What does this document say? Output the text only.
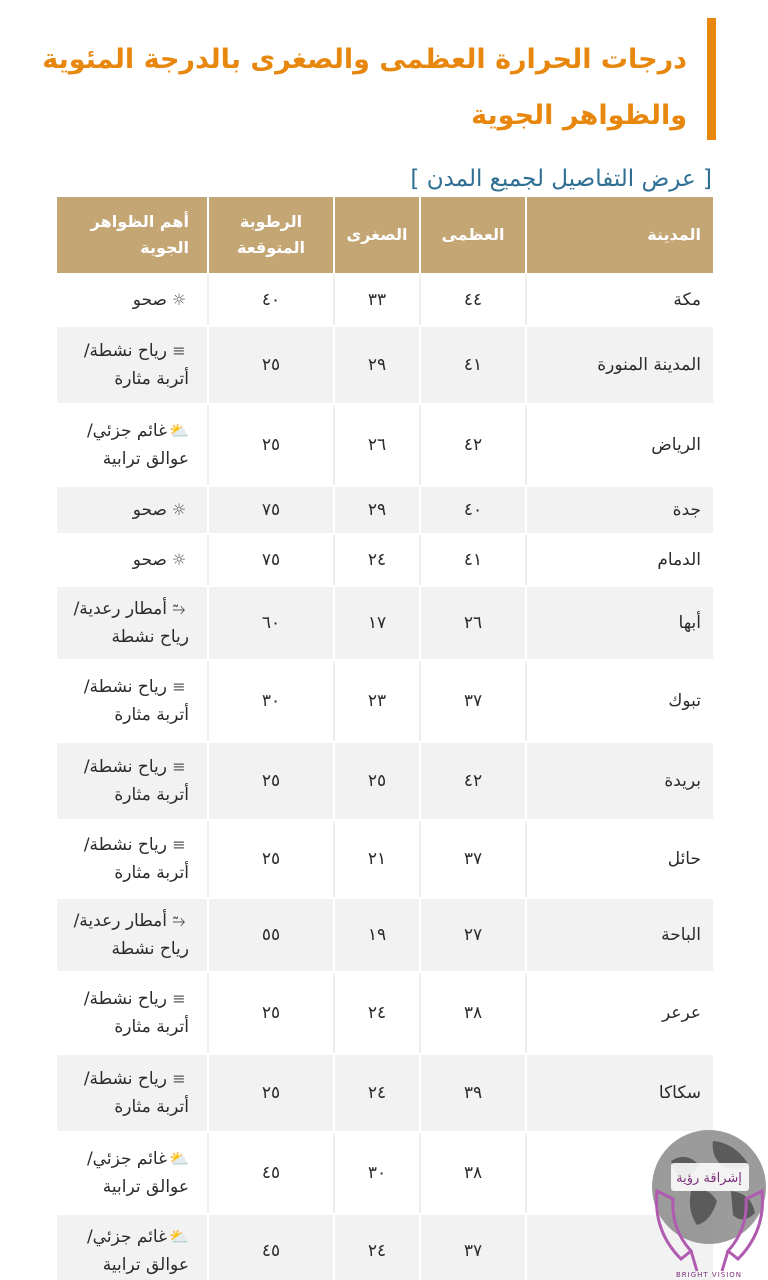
درجات الحرارة العظمى والصغرى بالدرجة المئوية
والظواهر الجوية
[ عرض التفاصيل لجميع المدن ]
المدينة
العظمى
الصغرى
الرطوبة المتوقعة
أهم الظواهر الجوية
مكة
٤٤
٣٣
٤٠
☼صحو
المدينة المنورة
٤١
٢٩
٢٥
≡رياح نشطة/أتربة مثارة
الرياض
٤٢
٢٦
٢٥
⛅غائم جزئي/عوالق ترابية
جدة
٤٠
٢٩
٧٥
☼صحو
الدمام
٤١
٢٤
٧٥
☼صحو
أبها
٢٦
١٧
٦٠
⥲أمطار رعدية/رياح نشطة
تبوك
٣٧
٢٣
٣٠
≡رياح نشطة/أتربة مثارة
بريدة
٤٢
٢٥
٢٥
≡رياح نشطة/أتربة مثارة
حائل
٣٧
٢١
٢٥
≡رياح نشطة/أتربة مثارة
الباحة
٢٧
١٩
٥٥
⥲أمطار رعدية/رياح نشطة
عرعر
٣٨
٢٤
٢٥
≡رياح نشطة/أتربة مثارة
سكاكا
٣٩
٢٤
٢٥
≡رياح نشطة/أتربة مثارة
٣٨
٣٠
٤٥
⛅غائم جزئي/عوالق ترابية
٣٧
٢٤
٤٥
⛅غائم جزئي/عوالق ترابية
إشراقة رؤية
BRIGHT VISION
